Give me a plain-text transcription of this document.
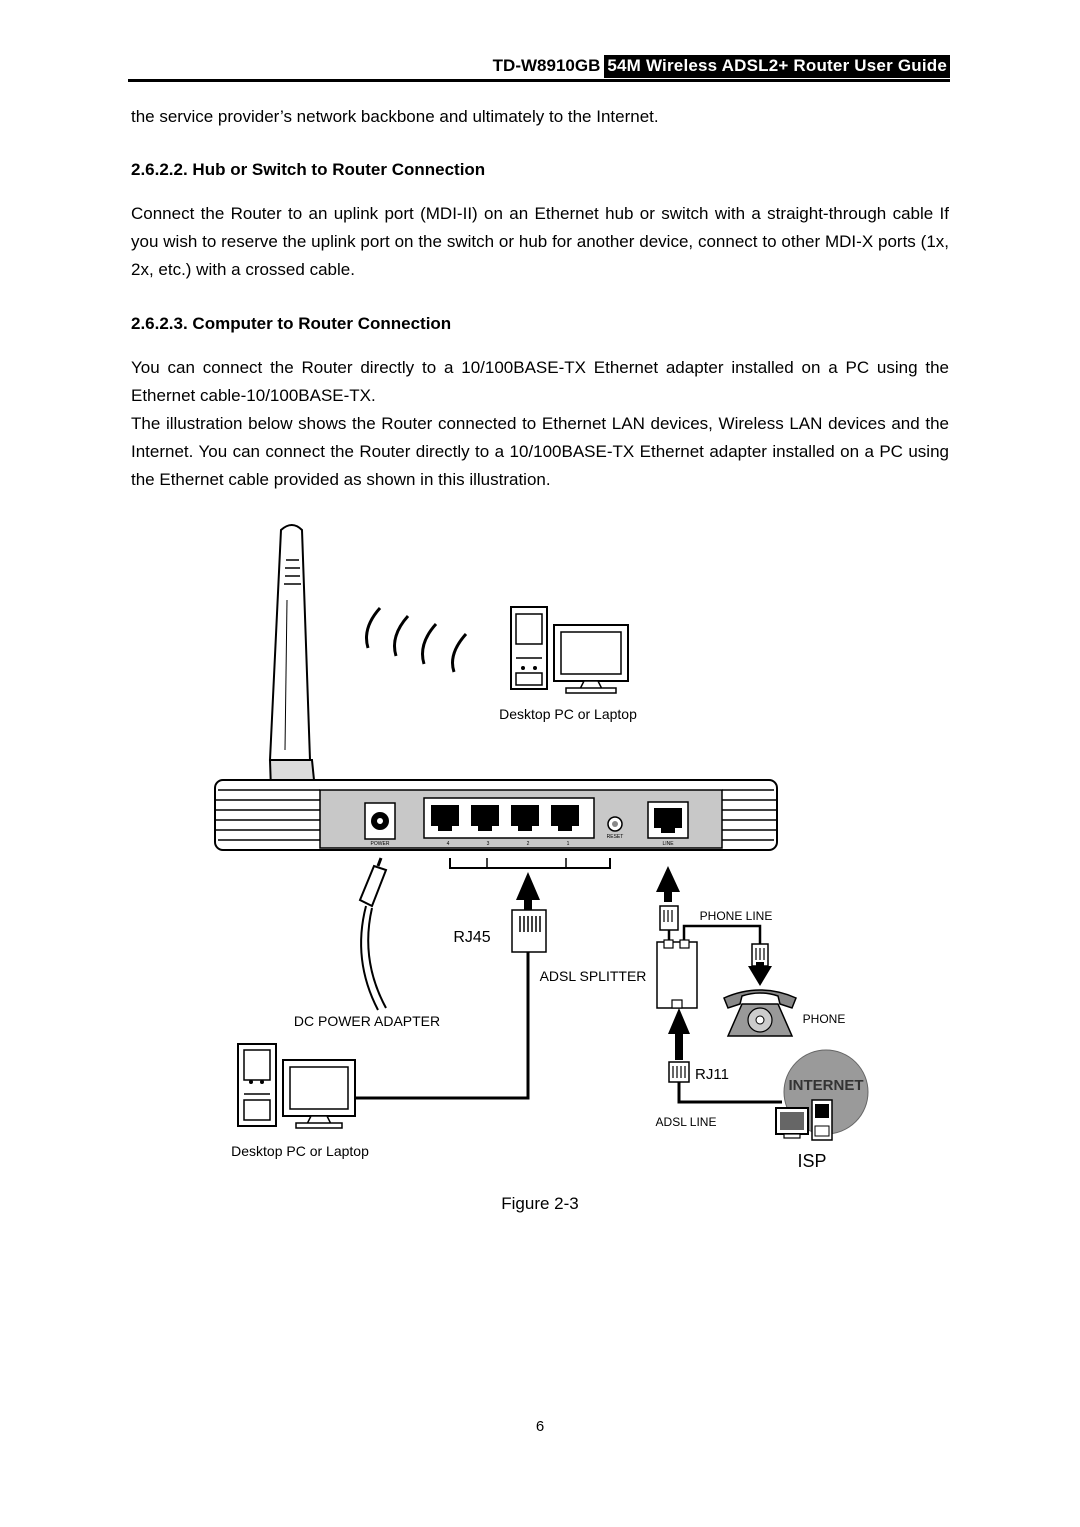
TD-W8910GB 54M Wireless ADSL2+ Router User Guide

the service provider’s network backbone and ultimately to the Internet.

2.6.2.2. Hub or Switch to Router Connection

Connect the Router to an uplink port (MDI-II) on an Ethernet hub or switch with a straight-through cable If you wish to reserve the uplink port on the switch or hub for another device, connect to other MDI-X ports (1x, 2x, etc.) with a crossed cable.

2.6.2.3. Computer to Router Connection

You can connect the Router directly to a 10/100BASE-TX Ethernet adapter installed on a PC using the Ethernet cable-10/100BASE-TX.

The illustration below shows the Router connected to Ethernet LAN devices, Wireless LAN devices and the Internet. You can connect the Router directly to a 10/100BASE-TX Ethernet adapter installed on a PC using the Ethernet cable provided as shown in this illustration.

Desktop PC or Laptop
POWER	4	3	2	1
RESET
LINE
DC POWER ADAPTER
RJ45
Desktop PC or Laptop
PHONE LINE
ADSL SPLITTER
PHONE
RJ11
ADSL LINE
INTERNET
ISP
Figure 2-3
6
